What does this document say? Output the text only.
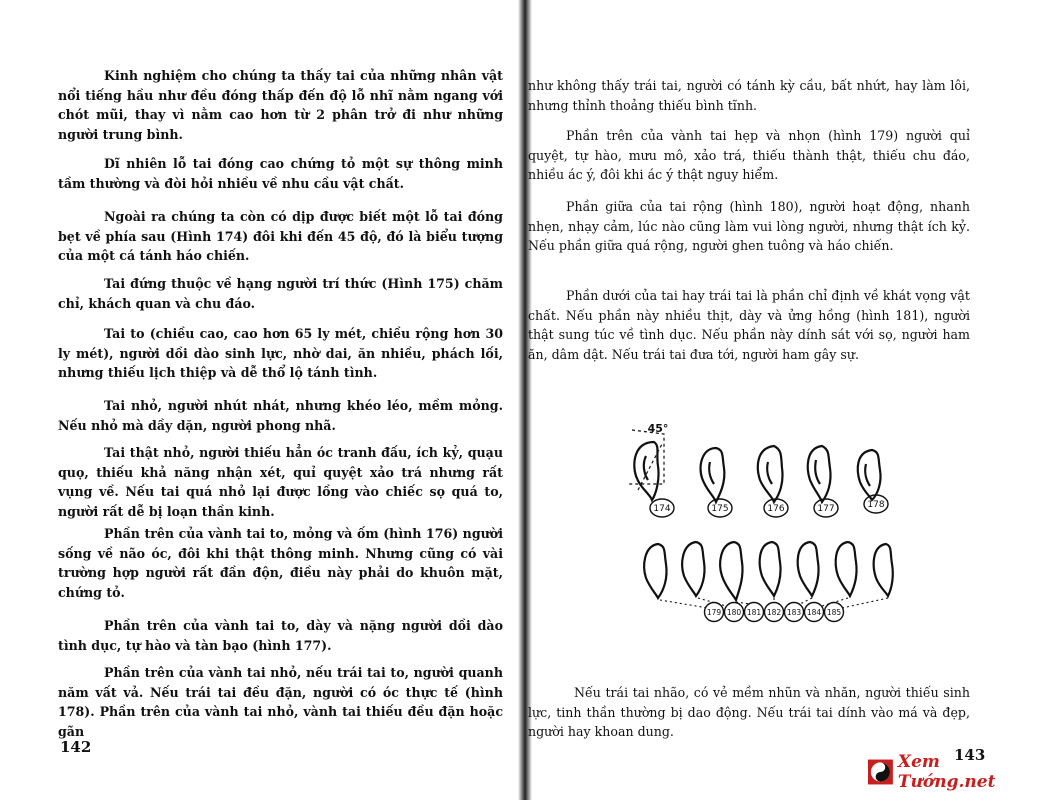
Kinh nghiệm cho chúng ta thấy tai của những nhân vật nổi tiếng hầu như đều đóng thấp đến độ lỗ nhĩ nằm ngang với chót mũi, thay vì nằm cao hơn từ 2 phân trở đi như những người trung bình.

Dĩ nhiên lỗ tai đóng cao chứng tỏ một sự thông minh tầm thường và đòi hỏi nhiều về nhu cầu vật chất.

Ngoài ra chúng ta còn có dịp được biết một lỗ tai đóng bẹt về phía sau (Hình 174) đôi khi đến 45 độ, đó là biểu tượng của một cá tánh háo chiến.

Tai đứng thuộc về hạng người trí thức (Hình 175) chăm chỉ, khách quan và chu đáo.

Tai to (chiều cao, cao hơn 65 ly mét, chiều rộng hơn 30 ly mét), người dồi dào sinh lực, nhờ dai, ăn nhiều, phách lối, nhưng thiếu lịch thiệp và dễ thổ lộ tánh tình.

Tai nhỏ, người nhút nhát, nhưng khéo léo, mềm mỏng. Nếu nhỏ mà dầy dặn, người phong nhã.

Tai thật nhỏ, người thiếu hẳn óc tranh đấu, ích kỷ, quạu quọ, thiếu khả năng nhận xét, quỉ quyệt xảo trá nhưng rất vụng về. Nếu tai quá nhỏ lại được lồng vào chiếc sọ quá to, người rất dễ bị loạn thần kinh.

Phần trên của vành tai to, mỏng và ốm (hình 176) người sống về não óc, đôi khi thật thông minh. Nhưng cũng có vài trường hợp người rất đần độn, điều này phải do khuôn mặt, chứng tỏ.

Phần trên của vành tai to, dày và nặng người dồi dào tình dục, tự hào và tàn bạo (hình 177).

Phần trên của vành tai nhỏ, nếu trái tai to, người quanh năm vất vả. Nếu trái tai đều đặn, người có óc thực tế (hình 178). Phần trên của vành tai nhỏ, vành tai thiếu đều đặn hoặc gãn

142

như không thấy trái tai, người có tánh kỳ cầu, bất nhứt, hay làm lôi, nhưng thỉnh thoảng thiếu bình tĩnh.

Phần trên của vành tai hẹp và nhọn (hình 179) người quỉ quyệt, tự hào, mưu mô, xảo trá, thiếu thành thật, thiếu chu đáo, nhiều ác ý, đôi khi ác ý thật nguy hiểm.

Phần giữa của tai rộng (hình 180), người hoạt động, nhanh nhẹn, nhạy cảm, lúc nào cũng làm vui lòng người, nhưng thật ích kỷ. Nếu phần giữa quá rộng, người ghen tuông và háo chiến.

Phần dưới của tai hay trái tai là phần chỉ định về khát vọng vật chất. Nếu phần này nhiều thịt, dày và ửng hồng (hình 181), người thật sung túc về tình dục. Nếu phần này dính sát với sọ, người ham ăn, dâm dật. Nếu trái tai đưa tới, người ham gây sự.

45°
174	175	176	177	178
179 180 181 182 183 184 185

Nếu trái tai nhão, có vẻ mềm nhũn và nhăn, người thiếu sinh lực, tinh thần thường bị dao động. Nếu trái tai dính vào má và đẹp, người hay khoan dung.

143
Xem Tướng.net
